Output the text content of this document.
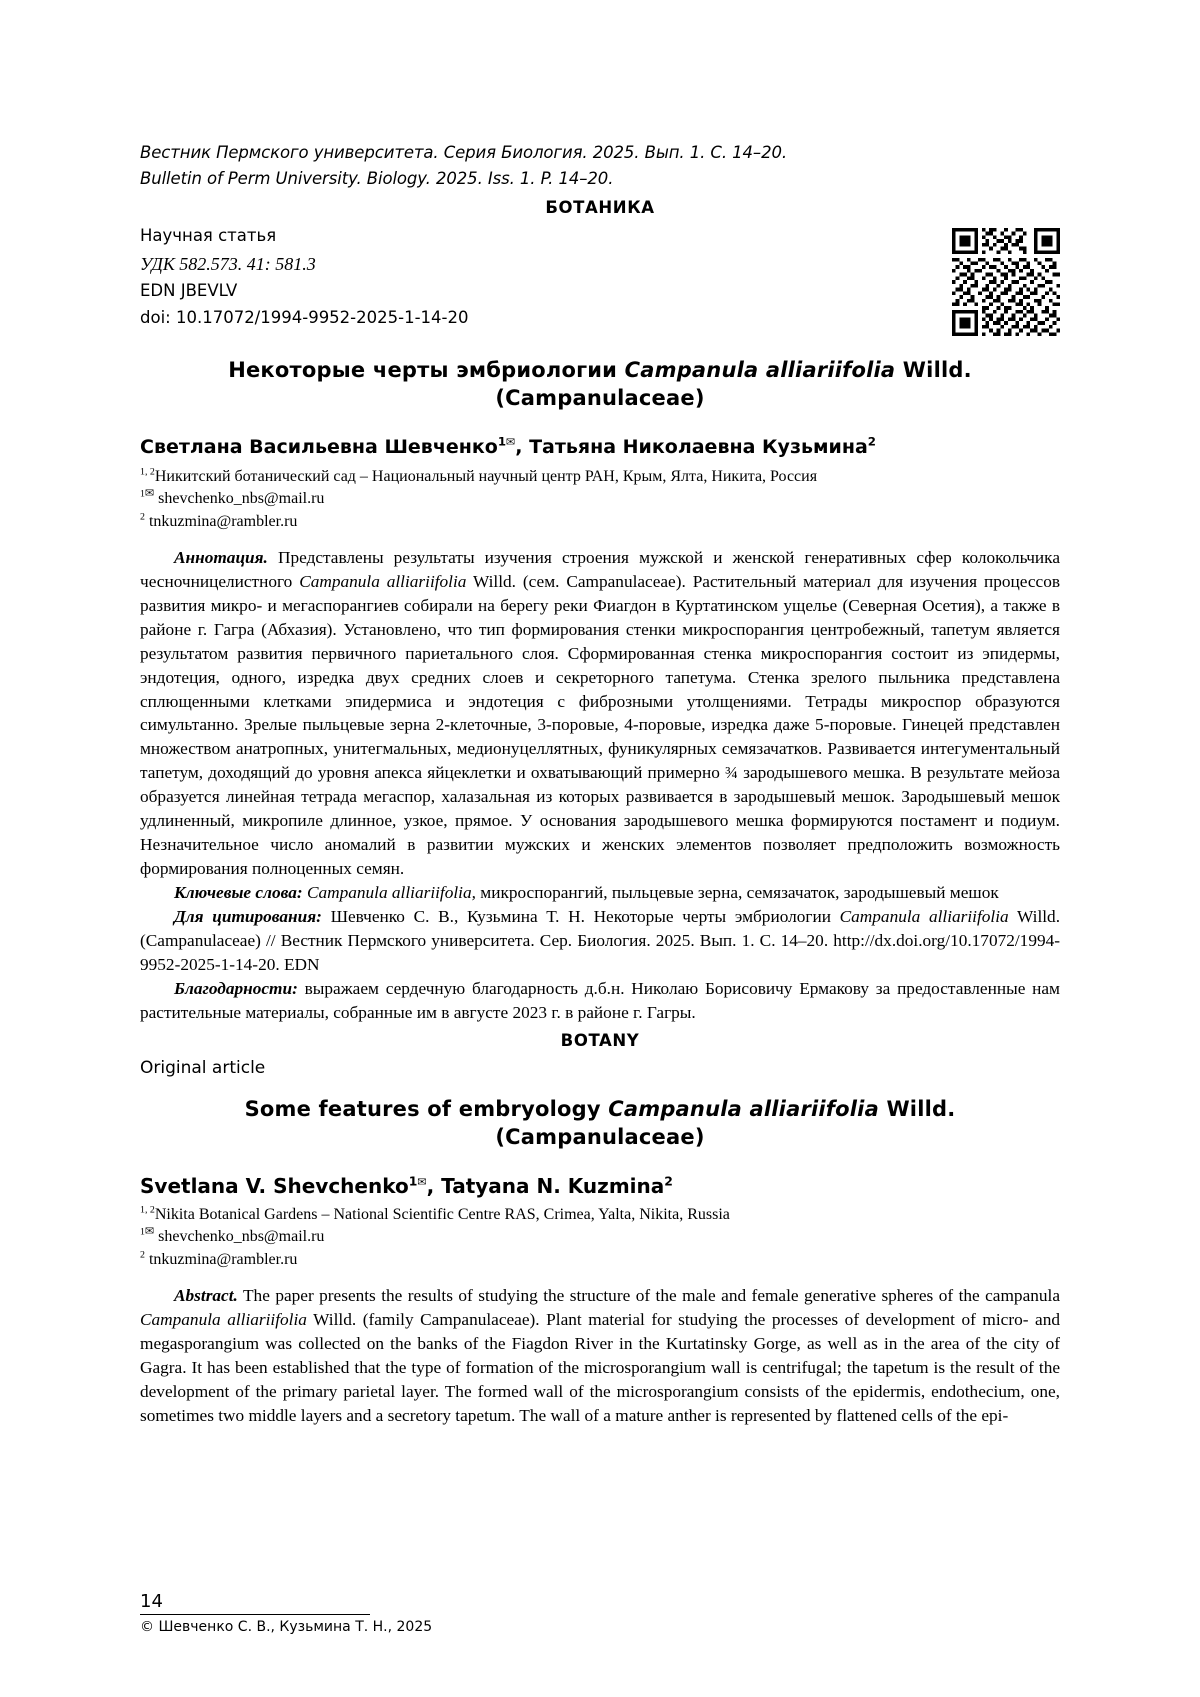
Вестник Пермского университета. Серия Биология. 2025. Вып. 1. С. 14–20.
Bulletin of Perm University. Biology. 2025. Iss. 1. P. 14–20.
БОТАНИКА
Научная статья
УДК 582.573. 41: 581.3
EDN JBEVLV
doi: 10.17072/1994-9952-2025-1-14-20
Некоторые черты эмбриологии Campanula alliariifolia Willd.
(Campanulaceae)
Светлана Васильевна Шевченко$^{1✉}$, Татьяна Николаевна Кузьмина$^2$
$^{1, 2}$Никитский ботанический сад – Национальный научный центр РАН, Крым, Ялта, Никита, Россия
$^{1✉}$ shevchenko_nbs@mail.ru
$^2$ tnkuzmina@rambler.ru

Аннотация. Представлены результаты изучения строения мужской и женской генеративных сфер колокольчика чесночницелистного Campanula alliariifolia Willd. (сем. Campanulaceae). Растительный материал для изучения процессов развития микро- и мегаспорангиев собирали на берегу реки Фиагдон в Куртатинском ущелье (Северная Осетия), а также в районе г. Гагра (Абхазия). Установлено, что тип формирования стенки микроспорангия центробежный, тапетум является результатом развития первичного париетального слоя. Сформированная стенка микроспорангия состоит из эпидермы, эндотеция, одного, изредка двух средних слоев и секреторного тапетума. Стенка зрелого пыльника представлена сплющенными клетками эпидермиса и эндотеция с фиброзными утолщениями. Тетрады микроспор образуются симультанно. Зрелые пыльцевые зерна 2-клеточные, 3-поровые, 4-поровые, изредка даже 5-поровые. Гинецей представлен множеством анатропных, унитегмальных, медионуцеллятных, фуникулярных семязачатков. Развивается интегументальный тапетум, доходящий до уровня апекса яйцеклетки и охватывающий примерно ¾ зародышевого мешка. В результате мейоза образуется линейная тетрада мегаспор, халазальная из которых развивается в зародышевый мешок. Зародышевый мешок удлиненный, микропиле длинное, узкое, прямое. У основания зародышевого мешка формируются постамент и подиум. Незначительное число аномалий в развитии мужских и женских элементов позволяет предположить возможность формирования полноценных семян.

Ключевые слова: Campanula alliariifolia, микроспорангий, пыльцевые зерна, семязачаток, зародышевый мешок

Для цитирования: Шевченко С. В., Кузьмина Т. Н. Некоторые черты эмбриологии Campanula alliariifolia Willd. (Campanulaceae) // Вестник Пермского университета. Сер. Биология. 2025. Вып. 1. С. 14–20. http://dx.doi.org/10.17072/1994-9952-2025-1-14-20. EDN

Благодарности: выражаем сердечную благодарность д.б.н. Николаю Борисовичу Ермакову за предоставленные нам растительные материалы, собранные им в августе 2023 г. в районе г. Гагры.

BOTANY
Original article
Some features of embryology Campanula alliariifolia Willd.
(Campanulaceae)
Svetlana V. Shevchenko$^{1✉}$, Tatyana N. Kuzmina$^2$
$^{1, 2}$Nikita Botanical Gardens – National Scientific Centre RAS, Crimea, Yalta, Nikita, Russia
$^{1✉}$ shevchenko_nbs@mail.ru
$^2$ tnkuzmina@rambler.ru

Abstract. The paper presents the results of studying the structure of the male and female generative spheres of the campanula Campanula alliariifolia Willd. (family Campanulaceae). Plant material for studying the processes of development of micro- and megasporangium was collected on the banks of the Fiagdon River in the Kurtatinsky Gorge, as well as in the area of the city of Gagra. It has been established that the type of formation of the microsporangium wall is centrifugal; the tapetum is the result of the development of the primary parietal layer. The formed wall of the microsporangium consists of the epidermis, endothecium, one, sometimes two middle layers and a secretory tapetum. The wall of a mature anther is represented by flattened cells of the epi-

14
© Шевченко С. В., Кузьмина Т. Н., 2025
